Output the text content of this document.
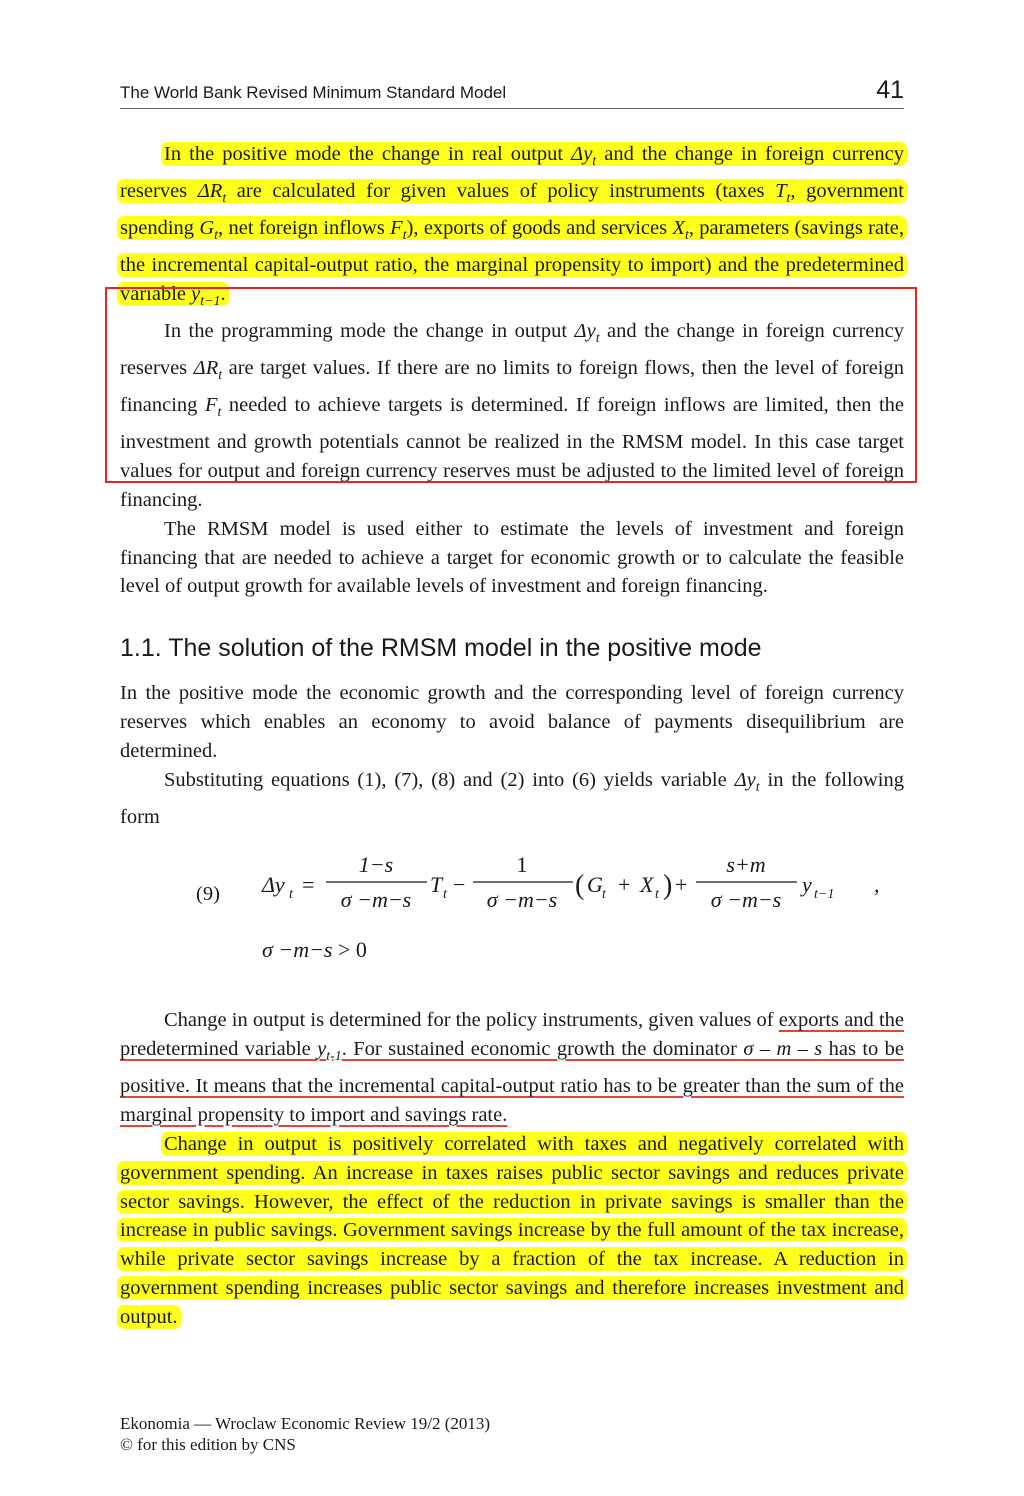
The World Bank Revised Minimum Standard Model	41

In the positive mode the change in real output $\Delta y_t$ and the change in foreign currency reserves $\Delta R_t$ are calculated for given values of policy instruments (taxes $T_t$, government spending $G_t$, net foreign inflows $F_t$), exports of goods and services $X_t$, parameters (savings rate, the incremental capital-output ratio, the marginal propensity to import) and the predetermined variable $y_{t-1}$.

In the programming mode the change in output $\Delta y_t$ and the change in foreign currency reserves $\Delta R_t$ are target values. If there are no limits to foreign flows, then the level of foreign financing $F_t$ needed to achieve targets is determined. If foreign inflows are limited, then the investment and growth potentials cannot be realized in the RMSM model. In this case target values for output and foreign currency reserves must be adjusted to the limited level of foreign financing.

The RMSM model is used either to estimate the levels of investment and foreign financing that are needed to achieve a target for economic growth or to calculate the feasible level of output growth for available levels of investment and foreign financing.

1.1. The solution of the RMSM model in the positive mode

In the positive mode the economic growth and the corresponding level of foreign currency reserves which enables an economy to avoid balance of payments disequilibrium are determined.

Substituting equations (1), (7), (8) and (2) into (6) yields variable $\Delta y_t$ in the following form

(9) Δy t =
1−s
σ −m−s
T t −
1
σ −m−s ( G t + X t ) +
s+m
σ −m−s
y t−1 ,
σ −m−s > 0

Change in output is determined for the policy instruments, given values of exports and the predetermined variable $y_{t-1}$. For sustained economic growth the dominator σ – m – s has to be positive. It means that the incremental capital-output ratio has to be greater than the sum of the marginal propensity to import and savings rate.

Change in output is positively correlated with taxes and negatively correlated with government spending. An increase in taxes raises public sector savings and reduces private sector savings. However, the effect of the reduction in private savings is smaller than the increase in public savings. Government savings increase by the full amount of the tax increase, while private sector savings increase by a fraction of the tax increase. A reduction in government spending increases public sector savings and therefore increases investment and output.

Ekonomia — Wroclaw Economic Review 19/2 (2013)
© for this edition by CNS
